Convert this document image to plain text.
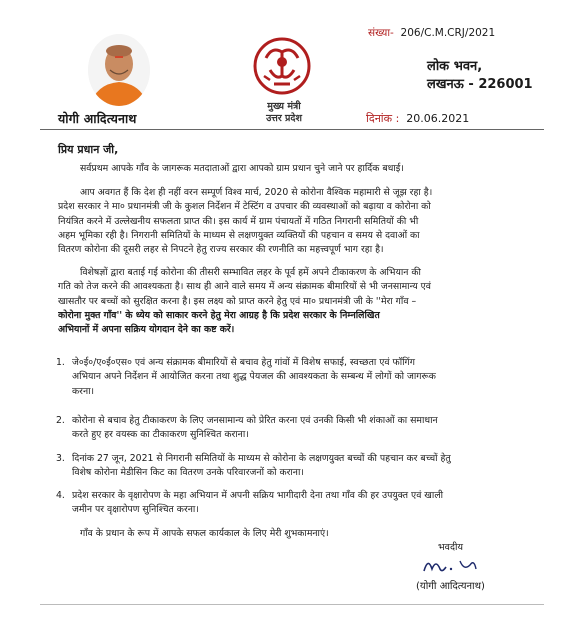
योगी आदित्यनाथ
मुख्य मंत्री
उत्तर प्रदेश
संख्या- 206/C.M.CRJ/2021
लोक भवन,
लखनऊ - 226001
दिनांक : 20.06.2021
प्रिय प्रधान जी,
सर्वप्रथम आपके गाँव के जागरूक मतदाताओं द्वारा आपको ग्राम प्रधान चुने जाने पर हार्दिक बधाई।
आप अवगत हैं कि देश ही नहीं वरन सम्पूर्ण विश्व मार्च, 2020 से कोरोना वैश्विक महामारी से जूझ रहा है।
प्रदेश सरकार ने मा० प्रधानमंत्री जी के कुशल निर्देशन में टेस्टिंग व उपचार की व्यवस्थाओं को बढ़ाया व कोरोना को
नियंत्रित करने में उल्लेखनीय सफलता प्राप्त की। इस कार्य में ग्राम पंचायतों में गठित निगरानी समितियों की भी
अहम भूमिका रही है। निगरानी समितियों के माध्यम से लक्षणयुक्त व्यक्तियों की पहचान व समय से दवाओं का
वितरण कोरोना की दूसरी लहर से निपटने हेतु राज्य सरकार की रणनीति का महत्त्वपूर्ण भाग रहा है।
विशेषज्ञों द्वारा बताई गई कोरोना की तीसरी सम्भावित लहर के पूर्व हमें अपने टीकाकरण के अभियान की
गति को तेज करने की आवश्यकता है। साथ ही आने वाले समय में अन्य संक्रामक बीमारियों से भी जनसामान्य एवं
खासतौर पर बच्चों को सुरक्षित करना है। इस लक्ष्य को प्राप्त करने हेतु एवं मा० प्रधानमंत्री जी के ''मेरा गाँव –
कोरोना मुक्त गाँव'' के ध्येय को साकार करने हेतु मेरा आग्रह है कि प्रदेश सरकार के निम्नलिखित
अभियानों में अपना सक्रिय योगदान देने का कष्ट करें।
1. जे०ई०/ए०ई०एस० एवं अन्य संक्रामक बीमारियों से बचाव हेतु गांवों में विशेष सफाई, स्वच्छता एवं फॉगिंग
अभियान अपने निर्देशन में आयोजित करना तथा शुद्ध पेयजल की आवश्यकता के सम्बन्ध में लोगों को जागरूक
करना।
2. कोरोना से बचाव हेतु टीकाकरण के लिए जनसामान्य को प्रेरित करना एवं उनकी किसी भी शंकाओं का समाधान
करते हुए हर वयस्क का टीकाकरण सुनिश्चित कराना।
3. दिनांक 27 जून, 2021 से निगरानी समितियों के माध्यम से कोरोना के लक्षणयुक्त बच्चों की पहचान कर बच्चों हेतु
विशेष कोरोना मेडीसिन किट का वितरण उनके परिवारजनों को कराना।
4. प्रदेश सरकार के वृक्षारोपण के महा अभियान में अपनी सक्रिय भागीदारी देना तथा गाँव की हर उपयुक्त एवं खाली
जमीन पर वृक्षारोपण सुनिश्चित करना।
गाँव के प्रधान के रूप में आपके सफल कार्यकाल के लिए मेरी शुभकामनाएं।
भवदीय
(योगी आदित्यनाथ)
